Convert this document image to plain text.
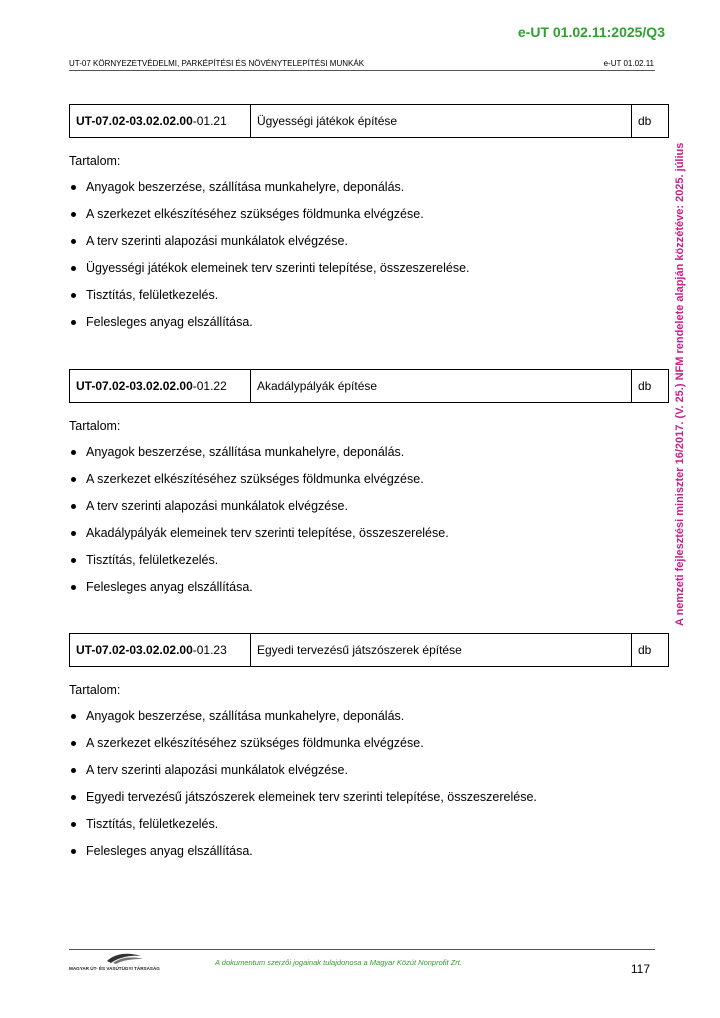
e-UT 01.02.11:2025/Q3
UT-07 KÖRNYEZETVÉDELMI, PARKÉPÍTÉSI ÉS NÖVÉNYTELEPÍTÉSI MUNKÁK	e-UT 01.02.11
A nemzeti fejlesztési miniszter 16/2017. (V. 25.) NFM rendelete alapján közzétéve: 2025. július
UT-07.02-03.02.02.00-01.21	Ügyességi játékok építése	db
Tartalom:
Anyagok beszerzése, szállítása munkahelyre, deponálás.
A szerkezet elkészítéséhez szükséges földmunka elvégzése.
A terv szerinti alapozási munkálatok elvégzése.
Ügyességi játékok elemeinek terv szerinti telepítése, összeszerelése.
Tisztítás, felületkezelés.
Felesleges anyag elszállítása.
UT-07.02-03.02.02.00-01.22	Akadálypályák építése	db
Tartalom:
Anyagok beszerzése, szállítása munkahelyre, deponálás.
A szerkezet elkészítéséhez szükséges földmunka elvégzése.
A terv szerinti alapozási munkálatok elvégzése.
Akadálypályák elemeinek terv szerinti telepítése, összeszerelése.
Tisztítás, felületkezelés.
Felesleges anyag elszállítása.
UT-07.02-03.02.02.00-01.23	Egyedi tervezésű játszószerek építése	db
Tartalom:
Anyagok beszerzése, szállítása munkahelyre, deponálás.
A szerkezet elkészítéséhez szükséges földmunka elvégzése.
A terv szerinti alapozási munkálatok elvégzése.
Egyedi tervezésű játszószerek elemeinek terv szerinti telepítése, összeszerelése.
Tisztítás, felületkezelés.
Felesleges anyag elszállítása.
MAGYAR ÚT- ÉS VASÚTÜGYI TÁRSASÁG
A dokumentum szerzői jogainak tulajdonosa a Magyar Közút Nonprofit Zrt.	117
